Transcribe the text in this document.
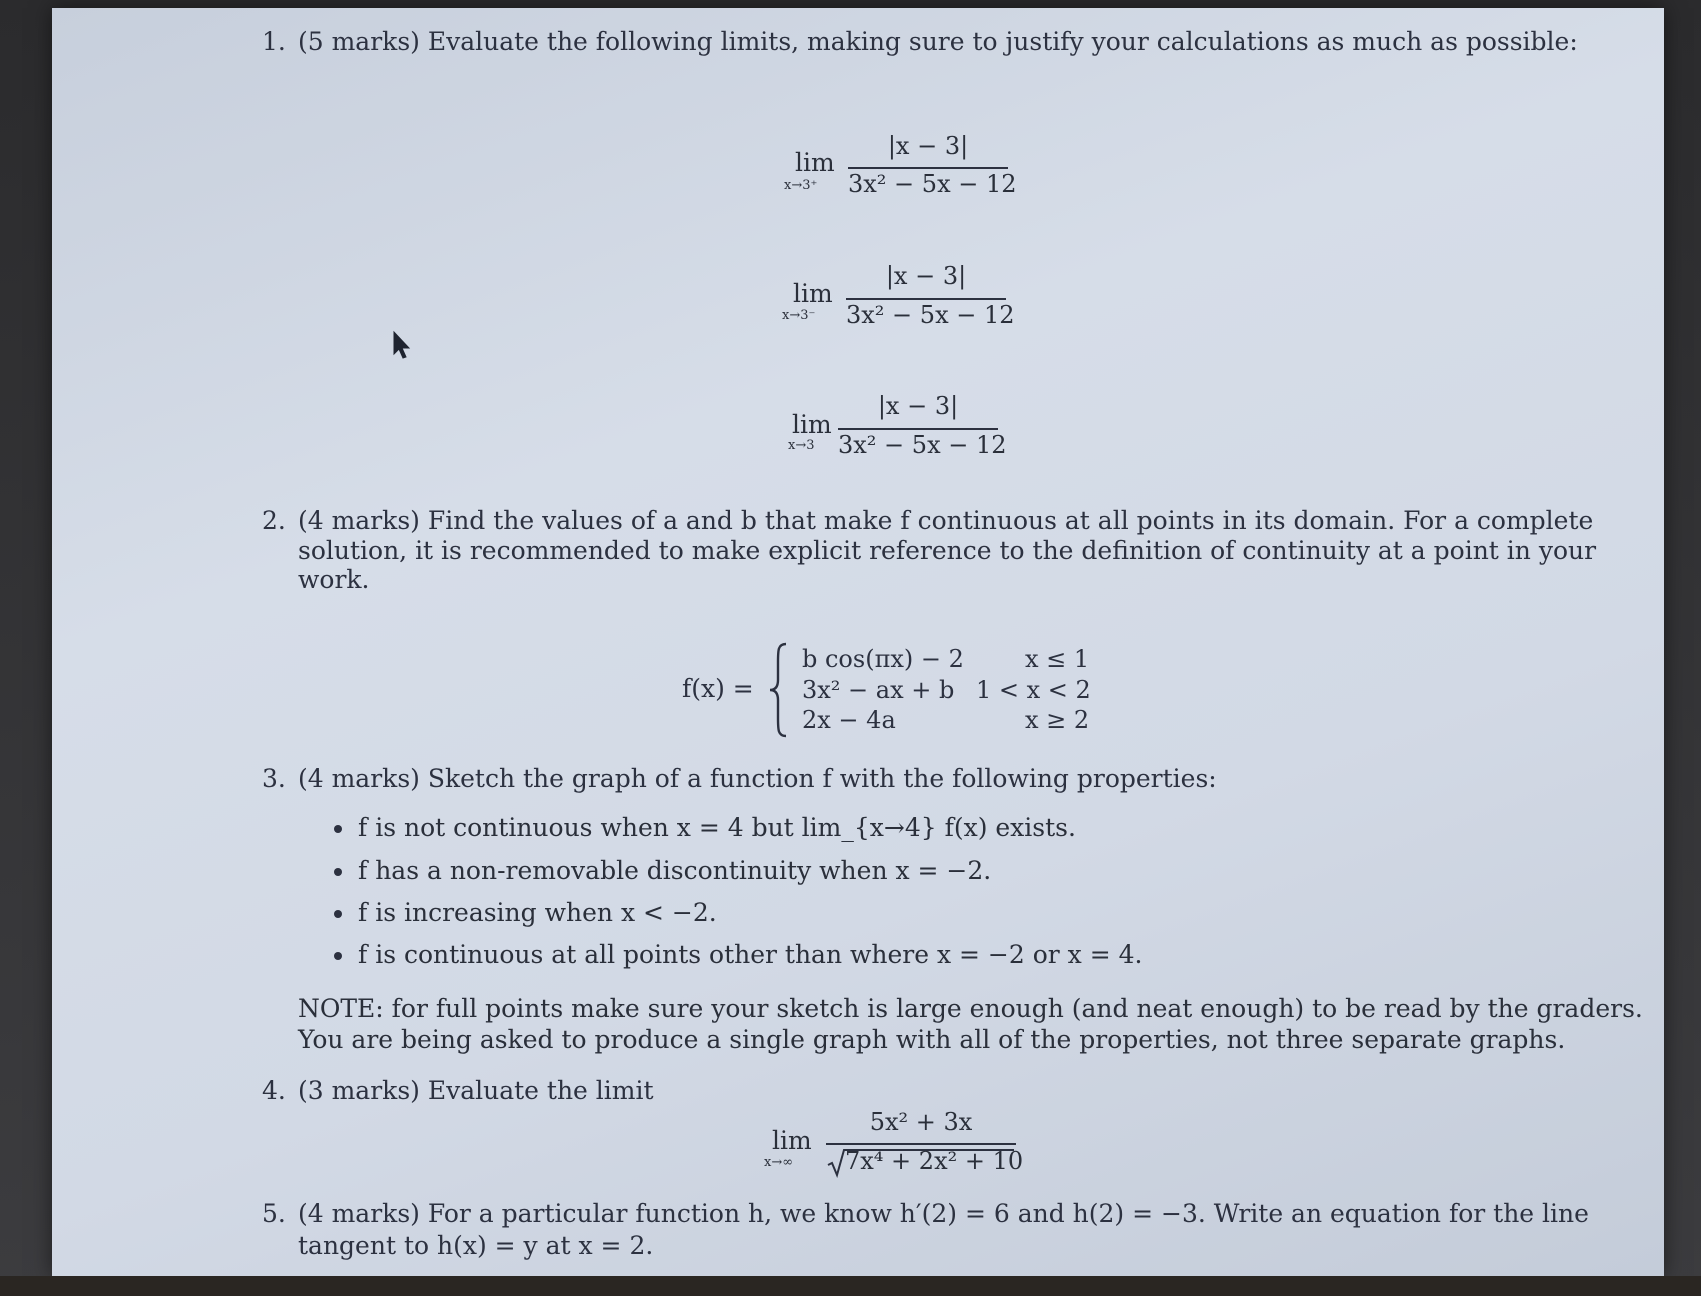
1. (5 marks) Evaluate the following limits, making sure to justify your calculations as much as possible:
lim
x→3⁺
|x − 3|
3x² − 5x − 12
lim
x→3⁻
|x − 3|
3x² − 5x − 12
lim
x→3
|x − 3|
3x² − 5x − 12
2. (4 marks) Find the values of a and b that make f continuous at all points in its domain. For a complete
solution, it is recommended to make explicit reference to the definition of continuity at a point in your
work.
f(x) =
b cos(πx) − 2	x ≤ 1
3x² − ax + b 1 < x < 2
2x − 4a	x ≥ 2
3. (4 marks) Sketch the graph of a function f with the following properties:
f is not continuous when x = 4 but lim_{x→4} f(x) exists.
f has a non-removable discontinuity when x = −2.
f is increasing when x < −2.
f is continuous at all points other than where x = −2 or x = 4.
NOTE: for full points make sure your sketch is large enough (and neat enough) to be read by the graders.
You are being asked to produce a single graph with all of the properties, not three separate graphs.
4. (3 marks) Evaluate the limit
lim
x→∞
5x² + 3x
7x⁴ + 2x² + 10
5. (4 marks) For a particular function h, we know h′(2) = 6 and h(2) = −3. Write an equation for the line
tangent to h(x) = y at x = 2.
